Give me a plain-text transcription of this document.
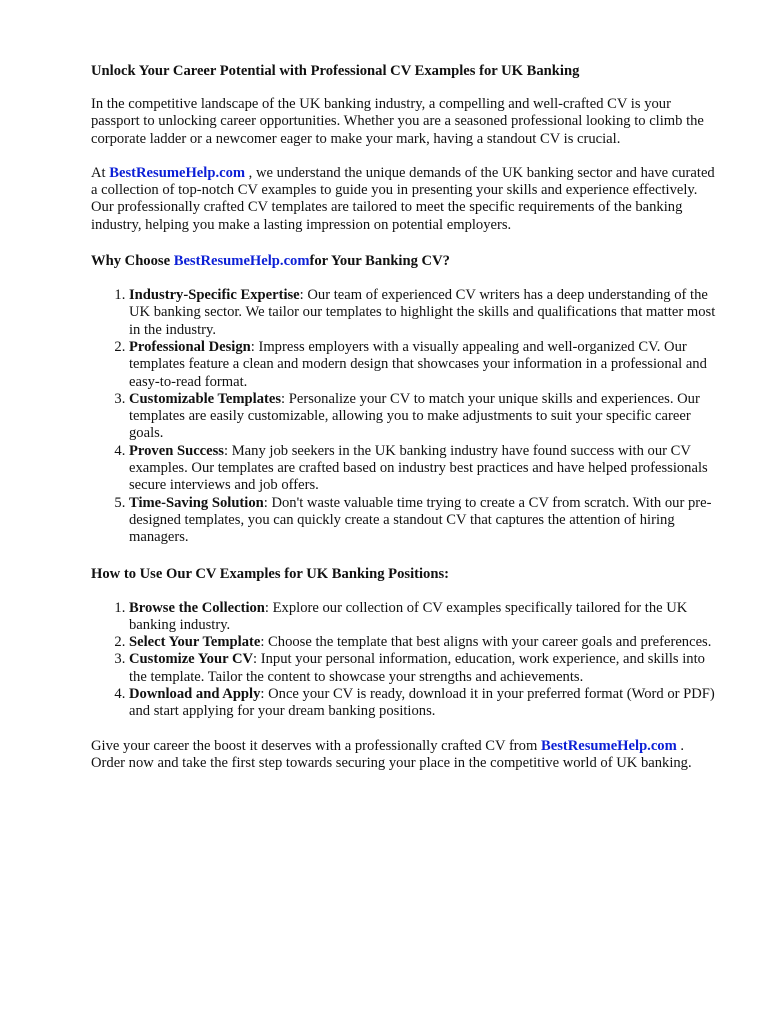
Unlock Your Career Potential with Professional CV Examples for UK Banking

In the competitive landscape of the UK banking industry, a compelling and well-crafted CV is your passport to unlocking career opportunities. Whether you are a seasoned professional looking to climb the corporate ladder or a newcomer eager to make your mark, having a standout CV is crucial.

At BestResumeHelp.com , we understand the unique demands of the UK banking sector and have curated a collection of top-notch CV examples to guide you in presenting your skills and experience effectively. Our professionally crafted CV templates are tailored to meet the specific requirements of the banking industry, helping you make a lasting impression on potential employers.

Why Choose BestResumeHelp.comfor Your Banking CV?
1. Industry-Specific Expertise: Our team of experienced CV writers has a deep understanding of the UK banking sector. We tailor our templates to highlight the skills and qualifications that matter most in the industry.
2. Professional Design: Impress employers with a visually appealing and well-organized CV. Our templates feature a clean and modern design that showcases your information in a professional and easy-to-read format.
3. Customizable Templates: Personalize your CV to match your unique skills and experiences. Our templates are easily customizable, allowing you to make adjustments to suit your specific career goals.
4. Proven Success: Many job seekers in the UK banking industry have found success with our CV examples. Our templates are crafted based on industry best practices and have helped professionals secure interviews and job offers.
5. Time-Saving Solution: Don't waste valuable time trying to create a CV from scratch. With our pre-designed templates, you can quickly create a standout CV that captures the attention of hiring managers.
How to Use Our CV Examples for UK Banking Positions:
1. Browse the Collection: Explore our collection of CV examples specifically tailored for the UK banking industry.
2. Select Your Template: Choose the template that best aligns with your career goals and preferences.
3. Customize Your CV: Input your personal information, education, work experience, and skills into the template. Tailor the content to showcase your strengths and achievements.
4. Download and Apply: Once your CV is ready, download it in your preferred format (Word or PDF) and start applying for your dream banking positions.

Give your career the boost it deserves with a professionally crafted CV from BestResumeHelp.com . Order now and take the first step towards securing your place in the competitive world of UK banking.
